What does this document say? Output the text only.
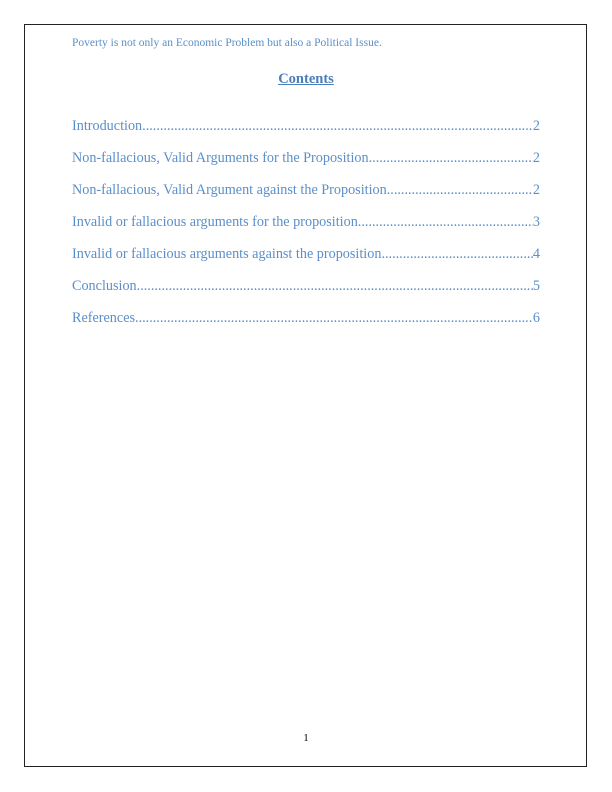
Poverty is not only an Economic Problem but also a Political Issue.
Contents
Introduction .....	2
Non-fallacious, Valid Arguments for the Proposition .....	2
Non-fallacious, Valid Argument against the Proposition .....	2
Invalid or fallacious arguments for the proposition .....	3
Invalid or fallacious arguments against the proposition .....	4
Conclusion .....	5
References .....	6
1
